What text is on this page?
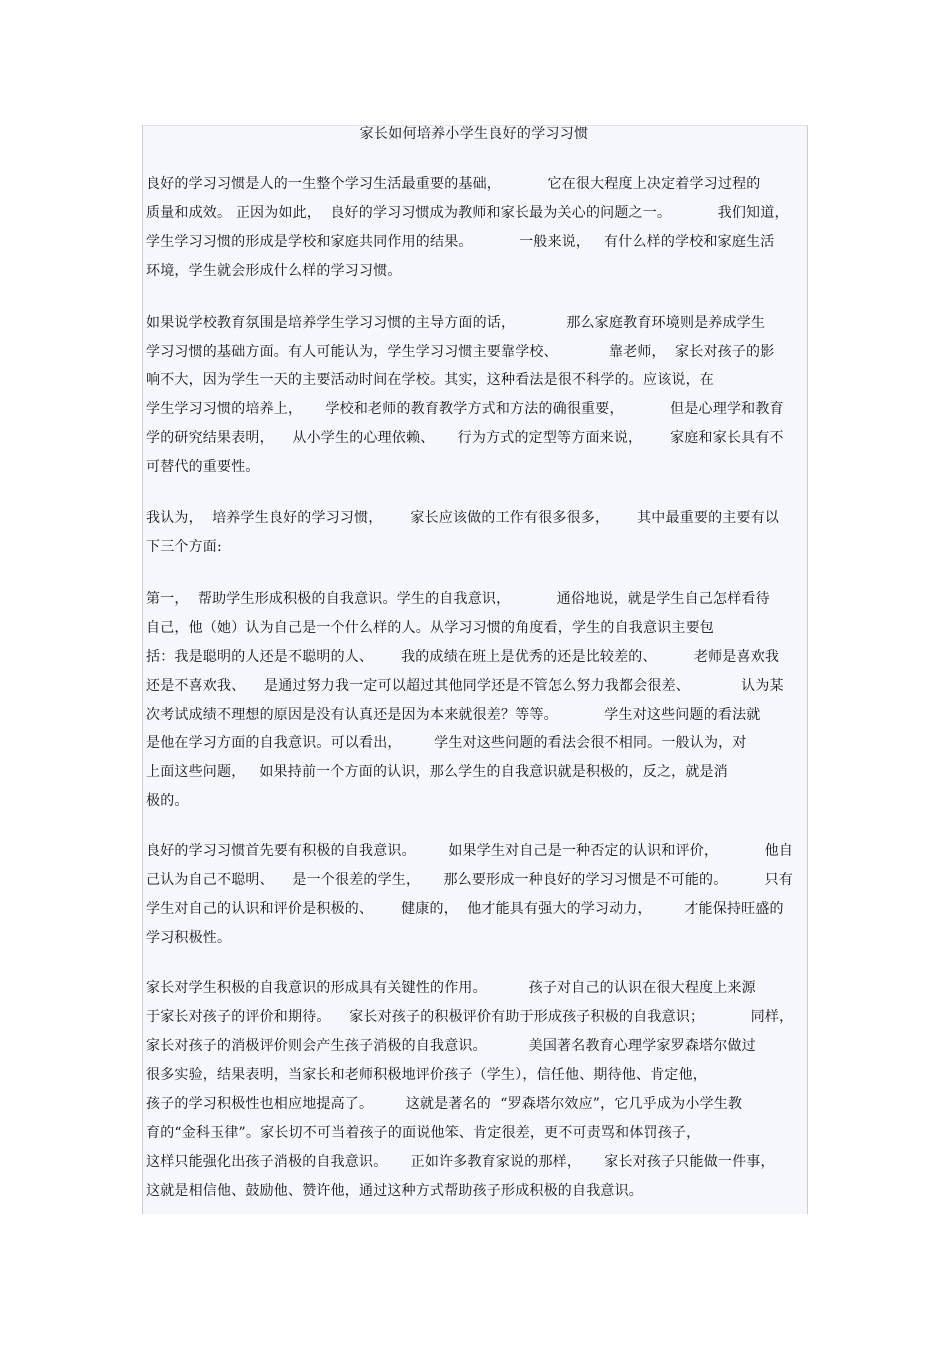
家长如何培养小学生良好的学习习惯
良好的学习习惯是人的一生整个学习生活最重要的基础，          它在很大程度上决定着学习过程的
质量和成效。 正因为如此，  良好的学习习惯成为教师和家长最为关心的问题之一。          我们知道，
学生学习习惯的形成是学校和家庭共同作用的结果。          一般来说，   有什么样的学校和家庭生活
环境，学生就会形成什么样的学习习惯。
如果说学校教育氛围是培养学生学习习惯的主导方面的话，           那么家庭教育环境则是养成学生
学习习惯的基础方面。有人可能认为，学生学习习惯主要靠学校、           靠老师，  家长对孩子的影
响不大，因为学生一天的主要活动时间在学校。其实，这种看法是很不科学的。应该说，在
学生学习习惯的培养上，     学校和老师的教育教学方式和方法的确很重要，          但是心理学和教育
学的研究结果表明，    从小学生的心理依赖、     行为方式的定型等方面来说，      家庭和家长具有不
可替代的重要性。
我认为，  培养学生良好的学习习惯，      家长应该做的工作有很多很多，      其中最重要的主要有以
下三个方面:
第一，  帮助学生形成积极的自我意识。学生的自我意识，          通俗地说，就是学生自己怎样看待
自己，他（她）认为自己是一个什么样的人。从学习习惯的角度看，学生的自我意识主要包
括：我是聪明的人还是不聪明的人、      我的成绩在班上是优秀的还是比较差的、        老师是喜欢我
还是不喜欢我、    是通过努力我一定可以超过其他同学还是不管怎么努力我都会很差、           认为某
次考试成绩不理想的原因是没有认真还是因为本来就很差？等等。          学生对这些问题的看法就
是他在学习方面的自我意识。可以看出，       学生对这些问题的看法会很不相同。一般认为，对
上面这些问题，   如果持前一个方面的认识，那么学生的自我意识就是积极的，反之，就是消
极的。
良好的学习习惯首先要有积极的自我意识。       如果学生对自己是一种否定的认识和评价，          他自
己认为自己不聪明、    是一个很差的学生，     那么要形成一种良好的学习习惯是不可能的。        只有
学生对自己的认识和评价是积极的、      健康的，  他才能具有强大的学习动力，       才能保持旺盛的
学习积极性。
家长对学生积极的自我意识的形成具有关键性的作用。         孩子对自己的认识在很大程度上来源
于家长对孩子的评价和期待。    家长对孩子的积极评价有助于形成孩子积极的自我意识；          同样，
家长对孩子的消极评价则会产生孩子消极的自我意识。         美国著名教育心理学家罗森塔尔做过
很多实验，结果表明，当家长和老师积极地评价孩子（学生），信任他、期待他、肯定他，
孩子的学习积极性也相应地提高了。       这就是著名的  “罗森塔尔效应”，它几乎成为小学生教
育的“金科玉律”。家长切不可当着孩子的面说他笨、肯定很差，更不可责骂和体罚孩子，
这样只能强化出孩子消极的自我意识。     正如许多教育家说的那样，     家长对孩子只能做一件事，
这就是相信他、鼓励他、赞许他，通过这种方式帮助孩子形成积极的自我意识。
